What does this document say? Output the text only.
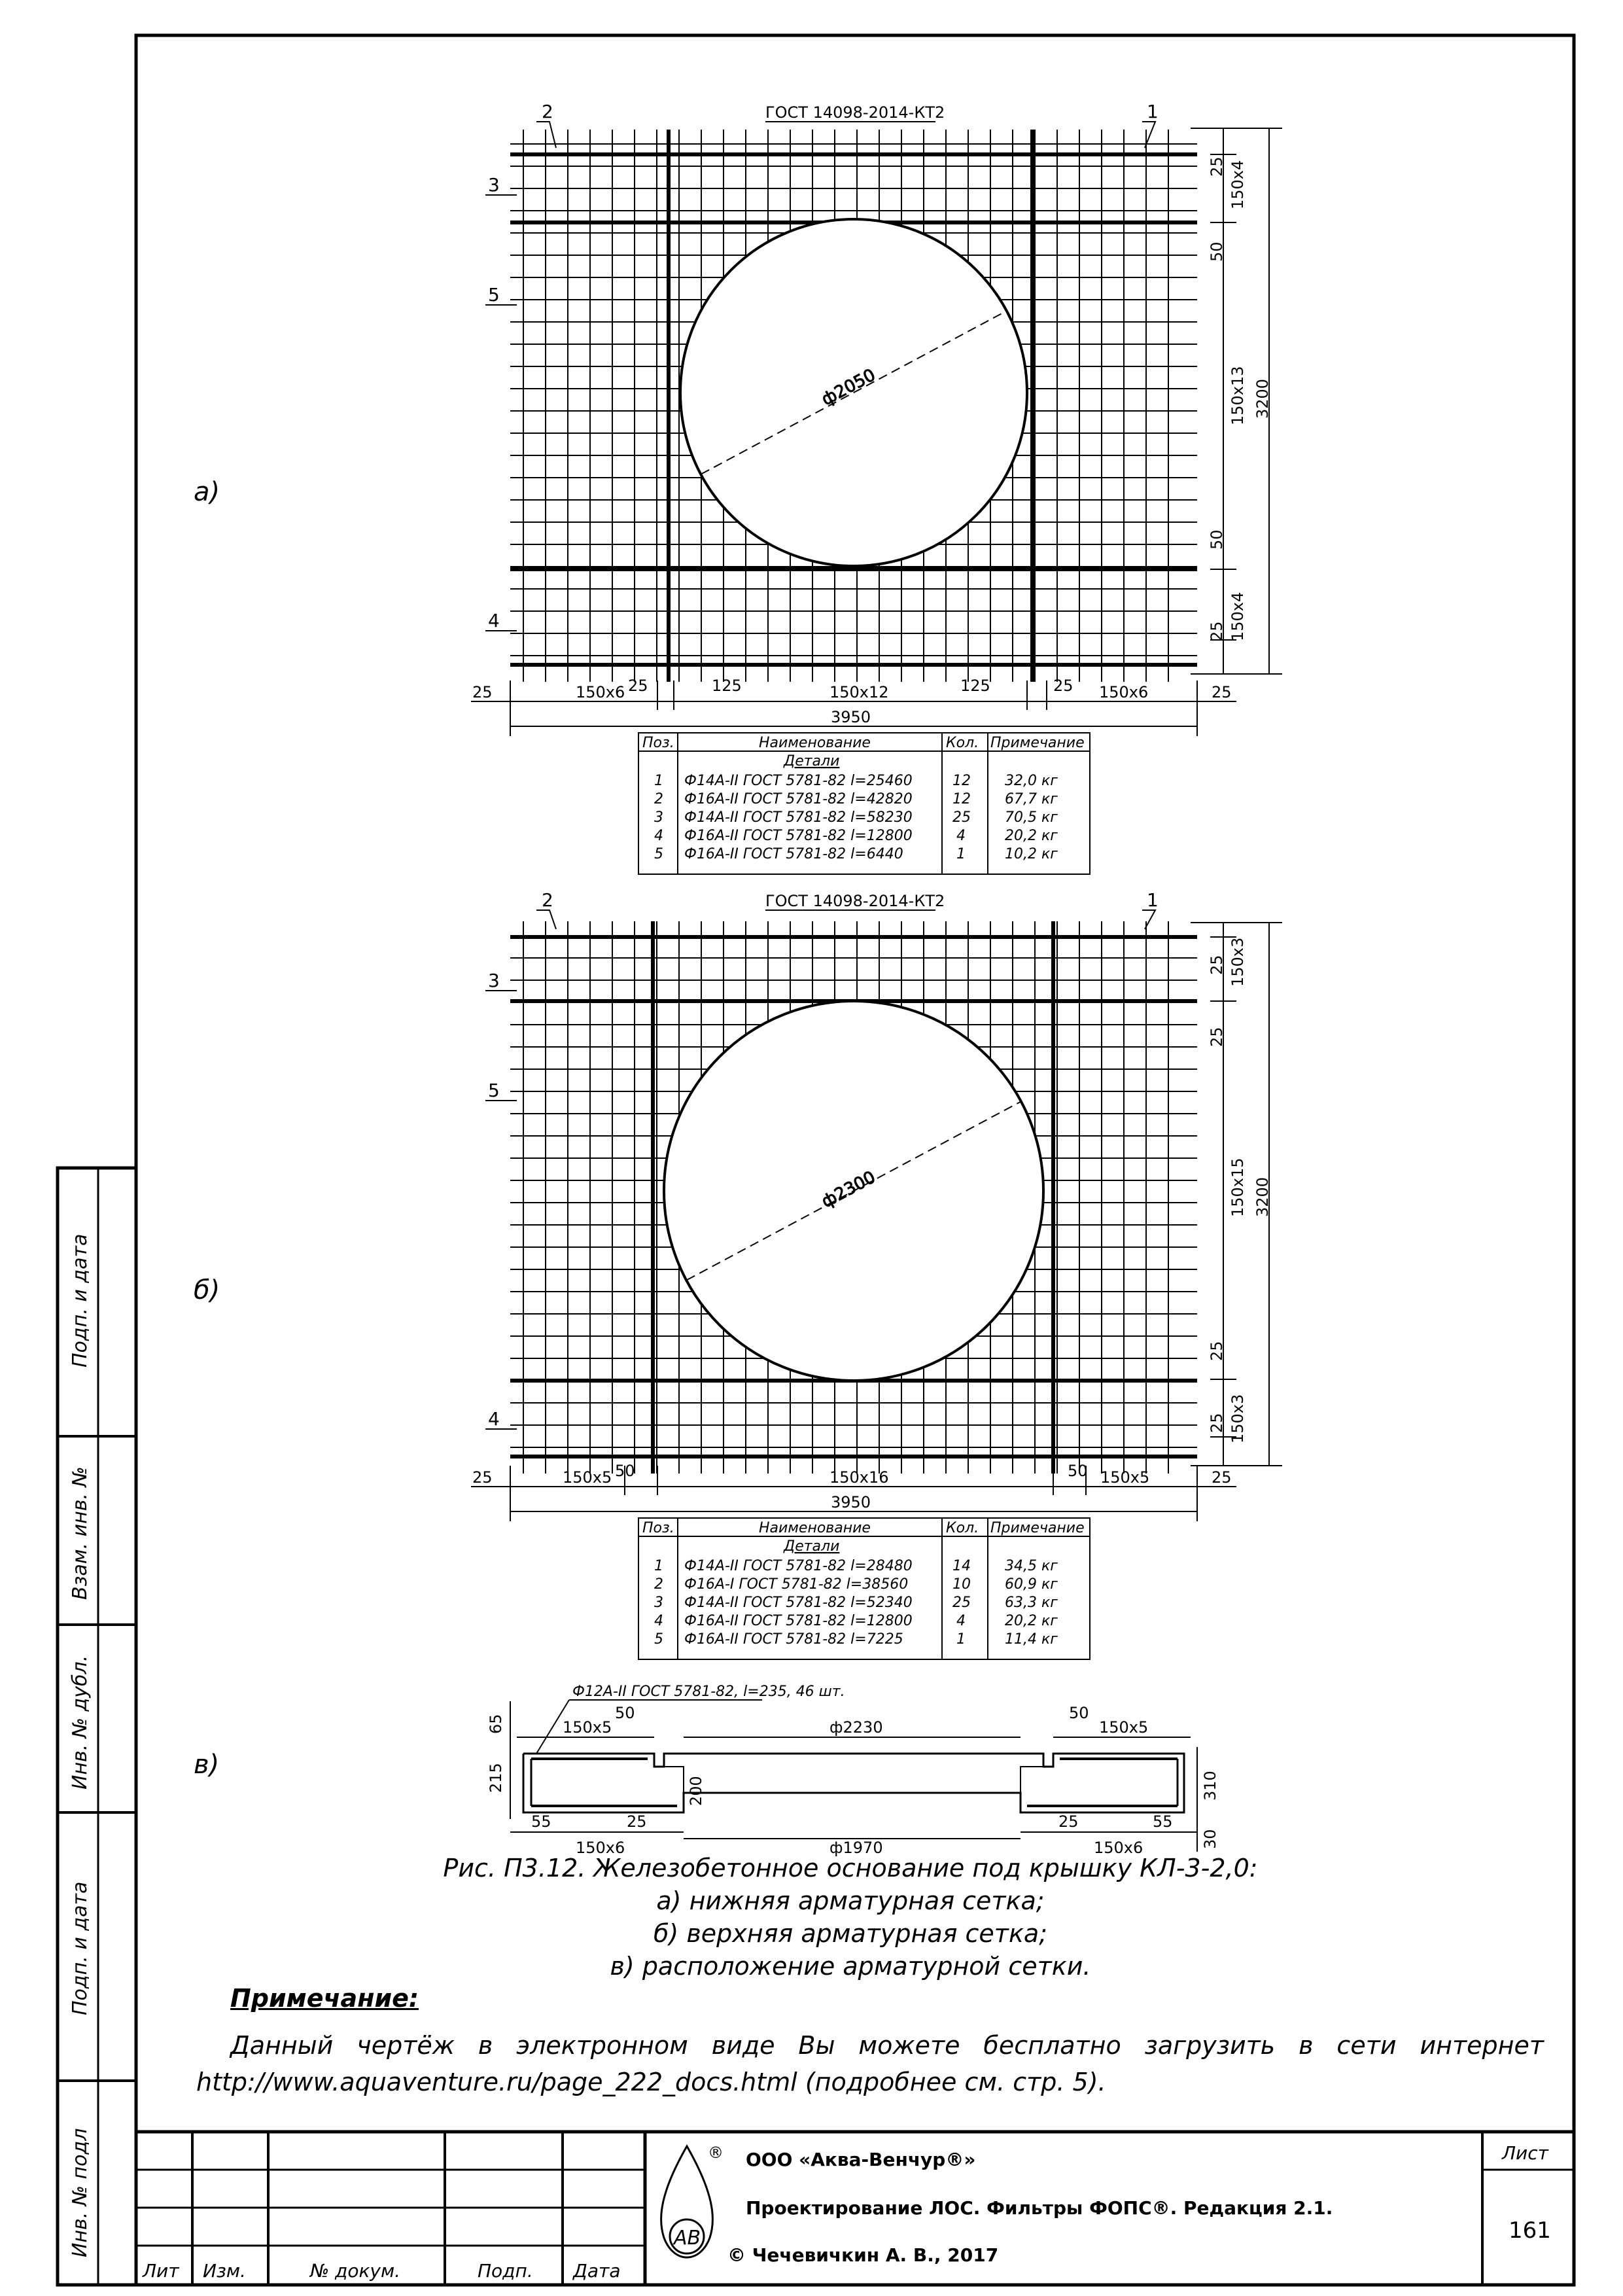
Подп. и дата
Взам. инв. №
Инв. № дубл.
Подп. и дата
Инв. № подл
а)
ГОСТ 14098-2014-КТ2
ф2050
2	1
3
5
4
25 150х4
50
150х13 3200
50
25 150х4
25	150х6 25	125	150х12	125	25 150х6	25
3950
Поз.	Наименование	Кол. Примечание
Детали
1 Ф14А-II ГОСТ 5781-82 l=25460	12 32,0 кг
2 Ф16А-II ГОСТ 5781-82 l=42820	12 67,7 кг
3 Ф14А-II ГОСТ 5781-82 l=58230	25 70,5 кг
4 Ф16А-II ГОСТ 5781-82 l=12800	4	20,2 кг
5 Ф16А-II ГОСТ 5781-82 l=6440	1	10,2 кг
б)
ГОСТ 14098-2014-КТ2
ф2300
2	1
3
5
4
25 150х3
25
150х15 3200
25
25 150х3
25	150х5 50	150х16	50 150х5	25
3950
Поз.	Наименование	Кол. Примечание
Детали
1 Ф14А-II ГОСТ 5781-82 l=28480	14 34,5 кг
2 Ф16А-I ГОСТ 5781-82 l=38560	10 60,9 кг
3 Ф14А-II ГОСТ 5781-82 l=52340	25 63,3 кг
4 Ф16А-II ГОСТ 5781-82 l=12800	4	20,2 кг
5 Ф16А-II ГОСТ 5781-82 l=7225	1	11,4 кг
в)
Ф12А-II ГОСТ 5781-82, l=235, 46 шт.
65	150х5
50
ф2230
50
150х5
215	200	310
30
55	25	25	55
150х6	ф1970	150х6
Лит Изм.	№ докум.	Подп. Дата
Лист
161
АВ
® ООО «Аква-Венчур®»
Проектирование ЛОС. Фильтры ФОПС®. Редакция 2.1.
© Чечевичкин А. В., 2017
Рис. П3.12. Железобетонное основание под крышку КЛ-3-2,0:
а) нижняя арматурная сетка;
б) верхняя арматурная сетка;
в) расположение арматурной сетки.
Примечание:
Данный чертёж в электронном виде Вы можете бесплатно загрузить в сети интернет
http://www.aquaventure.ru/page_222_docs.html (подробнее см. стр. 5).
